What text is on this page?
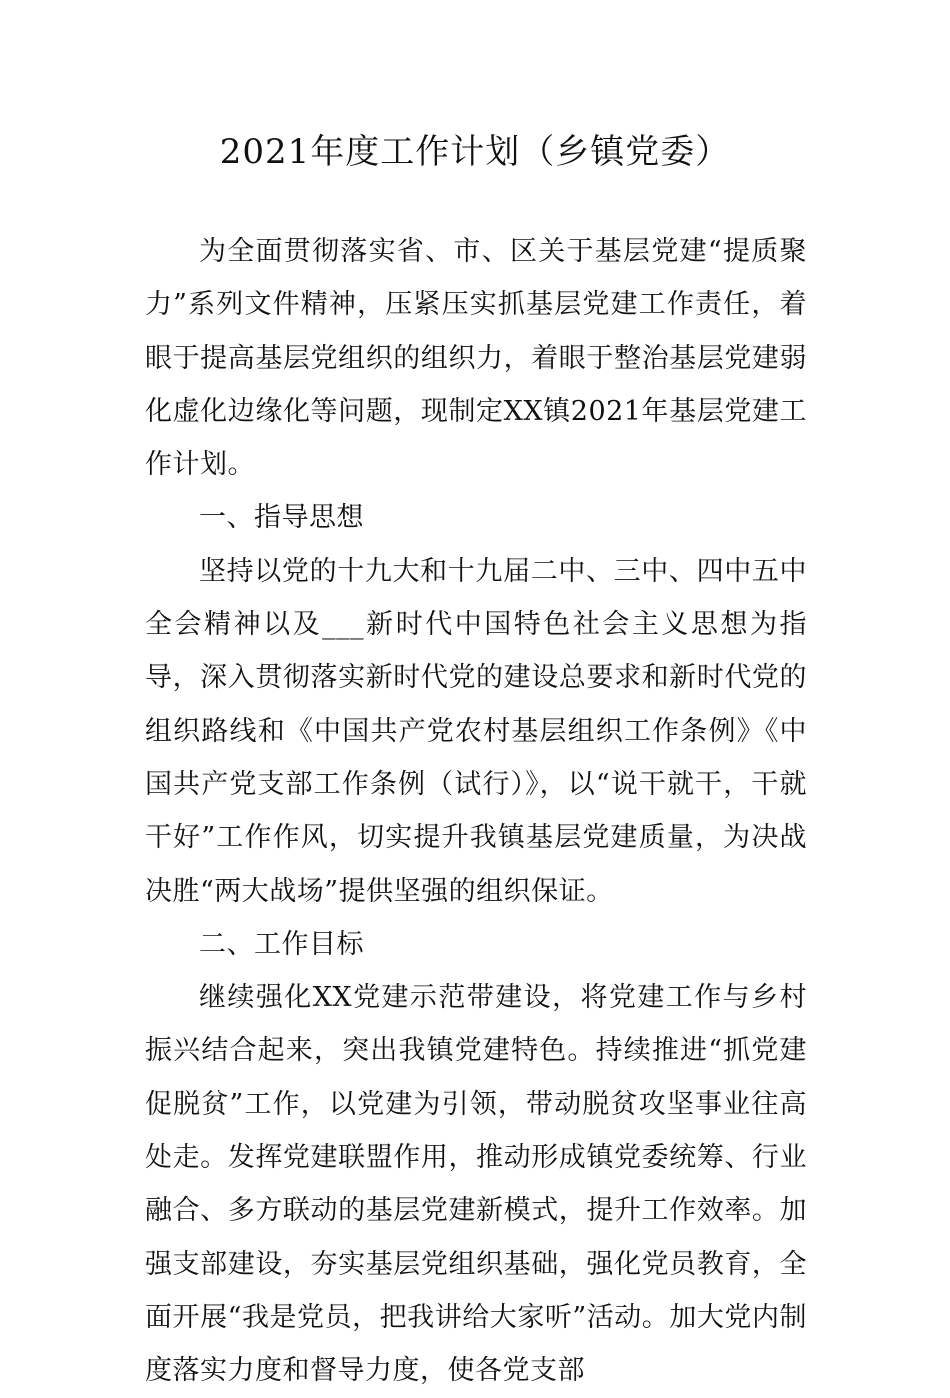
2021年度工作计划（乡镇党委）

为全面贯彻落实省、市、区关于基层党建“提质聚力”系列文件精神，压紧压实抓基层党建工作责任，着眼于提高基层党组织的组织力，着眼于整治基层党建弱化虚化边缘化等问题，现制定XX镇2021年基层党建工作计划。

一、指导思想

坚持以党的十九大和十九届二中、三中、四中五中全会精神以及___新时代中国特色社会主义思想为指导，深入贯彻落实新时代党的建设总要求和新时代党的组织路线和《中国共产党农村基层组织工作条例》《中国共产党支部工作条例（试行）》，以“说干就干，干就干好”工作作风，切实提升我镇基层党建质量，为决战决胜“两大战场”提供坚强的组织保证。

二、工作目标

继续强化XX党建示范带建设，将党建工作与乡村振兴结合起来，突出我镇党建特色。持续推进“抓党建促脱贫”工作，以党建为引领，带动脱贫攻坚事业往高处走。发挥党建联盟作用，推动形成镇党委统筹、行业融合、多方联动的基层党建新模式，提升工作效率。加强支部建设，夯实基层党组织基础，强化党员教育，全面开展“我是党员，把我讲给大家听”活动。加大党内制度落实力度和督导力度，使各党支部
